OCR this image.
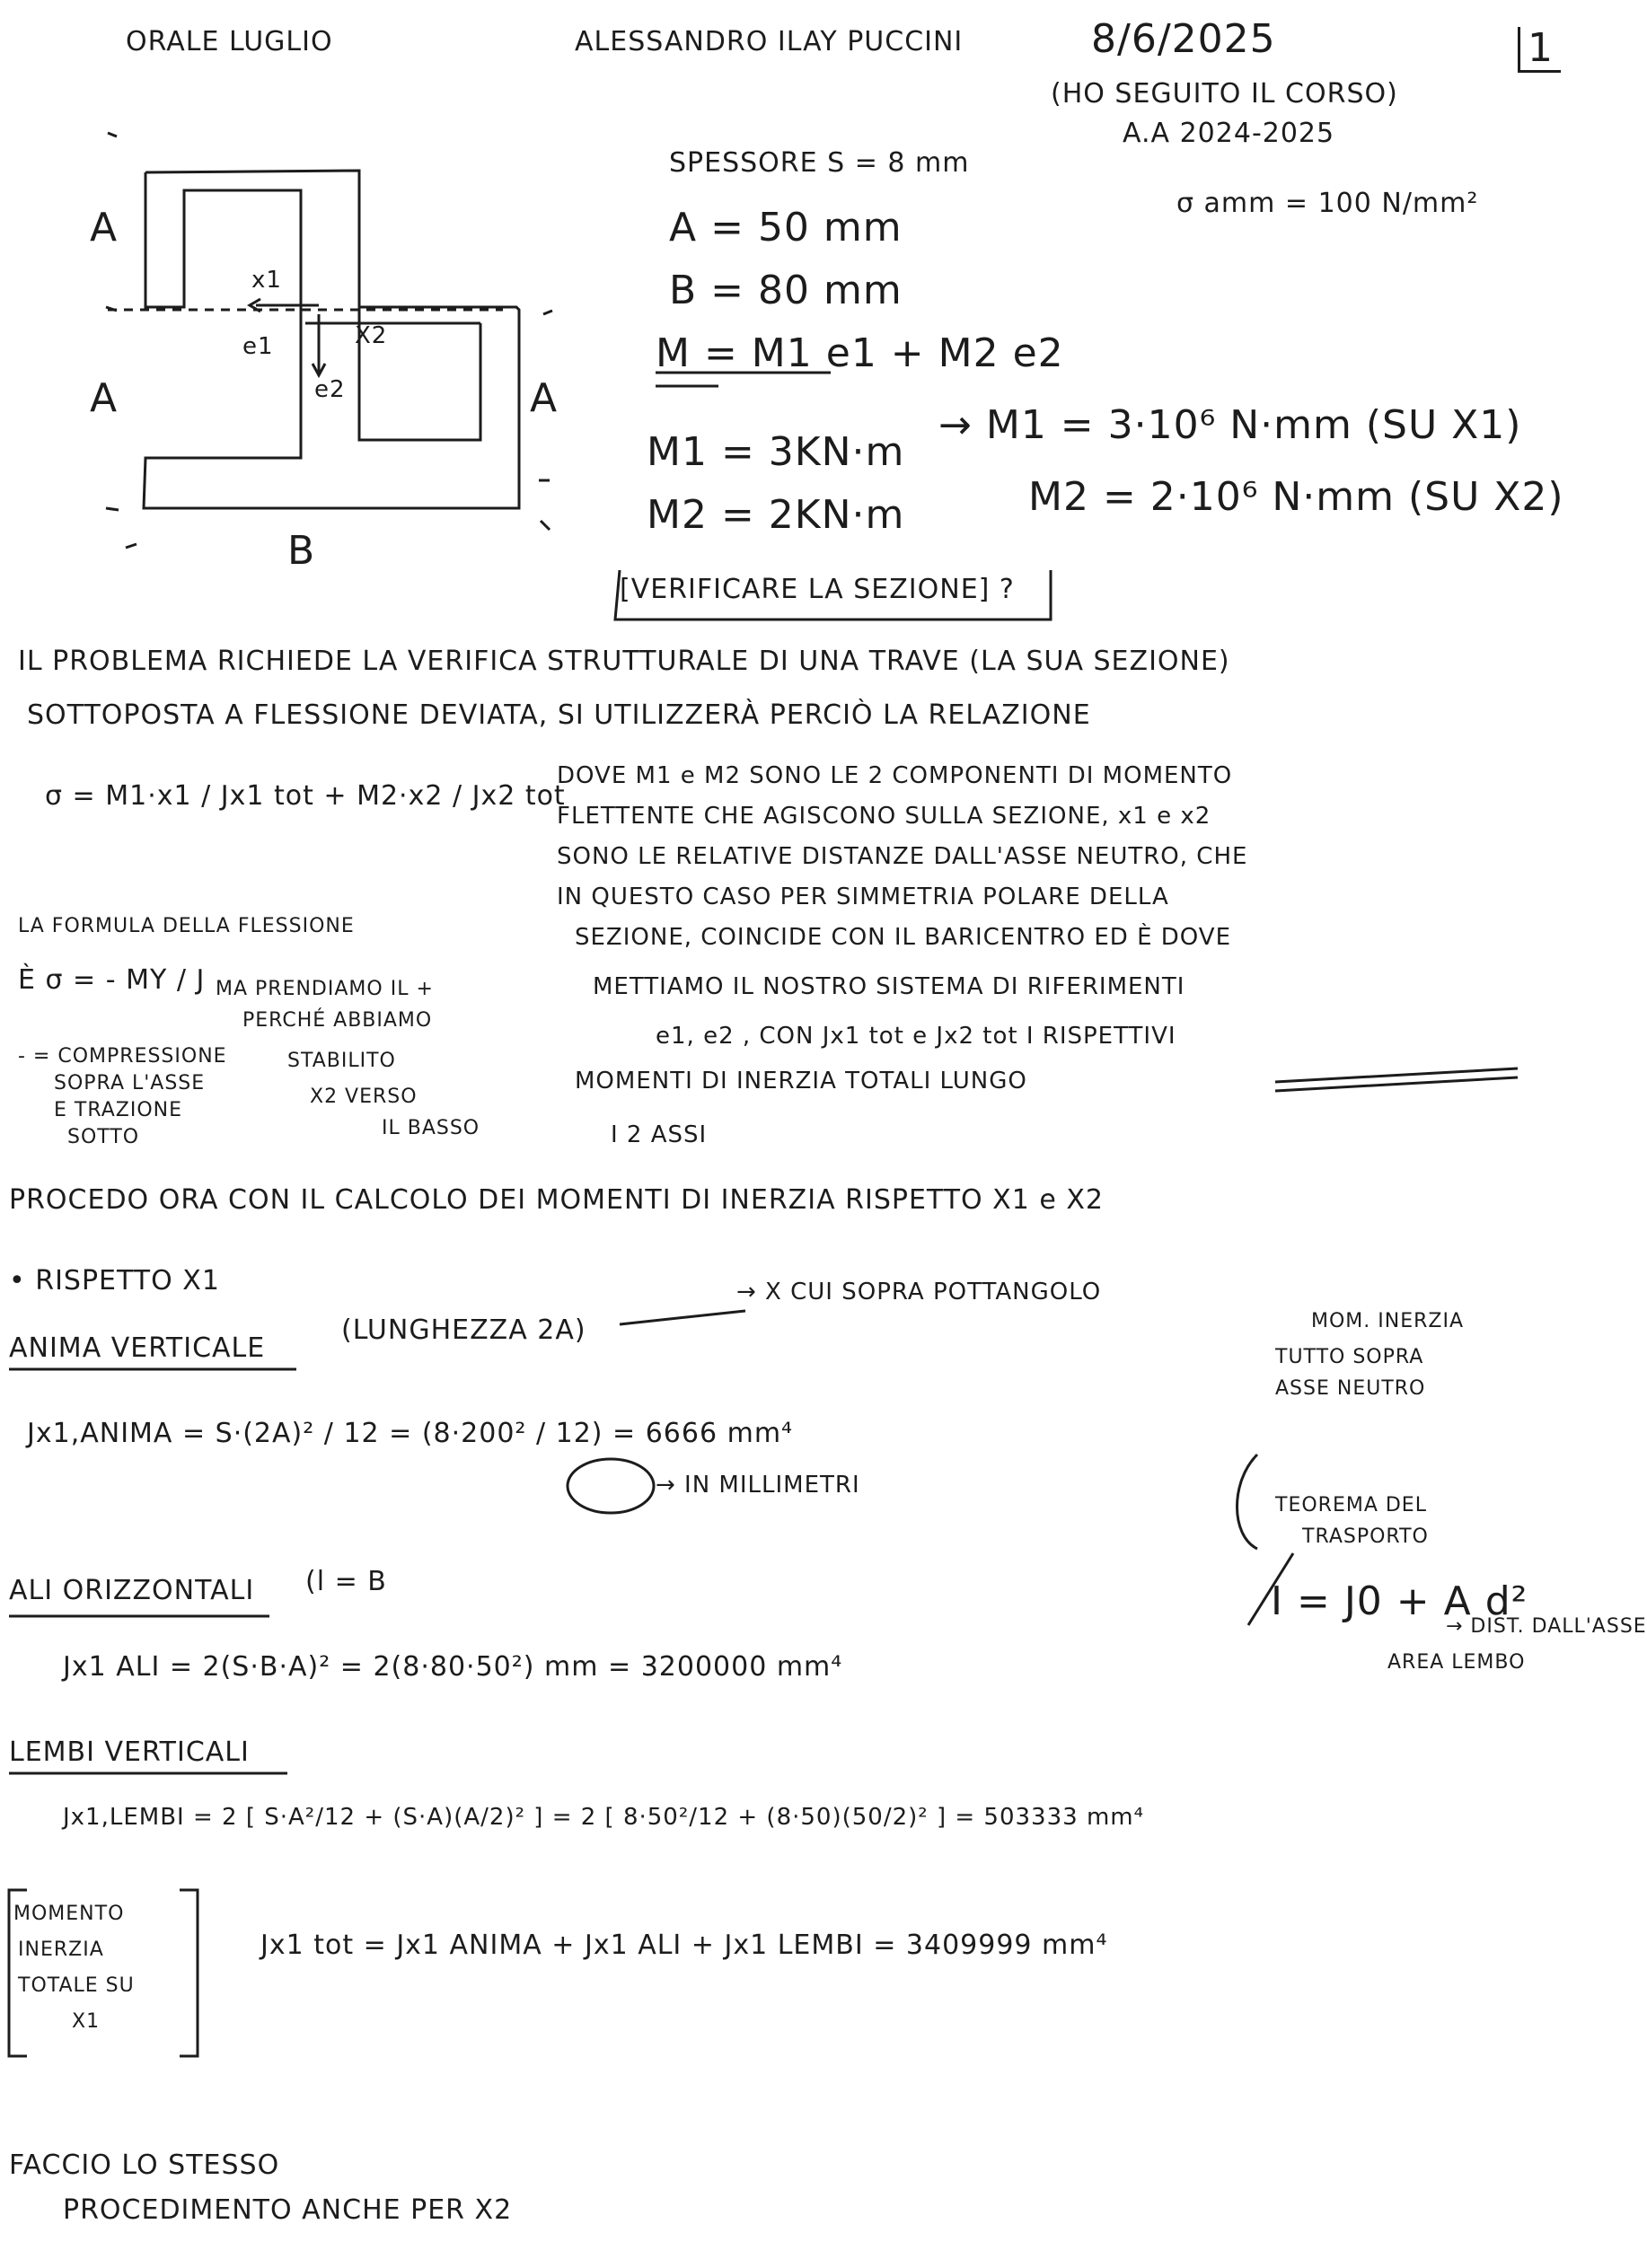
ORALE LUGLIO	ALESSANDRO ILAY PUCCINI	8/6/2025
(HO SEGUITO IL CORSO)
A.A 2024-2025
1
A
A	A
B
x1
X2
e1
e2
SPESSORE S = 8 mm
σ amm = 100 N/mm²
A = 50 mm
B = 80 mm
M = M1 e1 + M2 e2
M1 = 3KN·m
→ M1 = 3·10⁶ N·mm (SU X1)
M2 = 2KN·m	M2 = 2·10⁶ N·mm (SU X2)
[VERIFICARE LA SEZIONE] ?
IL PROBLEMA RICHIEDE LA VERIFICA STRUTTURALE DI UNA TRAVE (LA SUA SEZIONE)
SOTTOPOSTA A FLESSIONE DEVIATA, SI UTILIZZERÀ PERCIÒ LA RELAZIONE
σ = M1·x1 / Jx1 tot + M2·x2 / Jx2 tot
DOVE M1 e M2 SONO LE 2 COMPONENTI DI MOMENTO
FLETTENTE CHE AGISCONO SULLA SEZIONE, x1 e x2
SONO LE RELATIVE DISTANZE DALL'ASSE NEUTRO, CHE
IN QUESTO CASO PER SIMMETRIA POLARE DELLA
SEZIONE, COINCIDE CON IL BARICENTRO ED È DOVE
METTIAMO IL NOSTRO SISTEMA DI RIFERIMENTI
e1, e2 , CON Jx1 tot e Jx2 tot I RISPETTIVI
MOMENTI DI INERZIA TOTALI LUNGO
I 2 ASSI
LA FORMULA DELLA FLESSIONE
È σ = - MY / J MA PRENDIAMO IL +
PERCHÉ ABBIAMO
STABILITO
X2 VERSO
IL BASSO
- = COMPRESSIONE
SOPRA L'ASSE
E TRAZIONE
SOTTO
PROCEDO ORA CON IL CALCOLO DEI MOMENTI DI INERZIA RISPETTO X1 e X2
• RISPETTO X1
ANIMA VERTICALE
(LUNGHEZZA 2A)
→ X CUI SOPRA POTTANGOLO
Jx1,ANIMA = S·(2A)² / 12 = (8·200² / 12) = 6666 mm⁴
→ IN MILLIMETRI
MOM. INERZIA
TUTTO SOPRA
ASSE NEUTRO
TEOREMA DEL
TRASPORTO
ALI ORIZZONTALI (l = B
Jx1 ALI = 2(S·B·A)² = 2(8·80·50²) mm = 3200000 mm⁴
I = J0 + A d²
AREA LEMBO
→ DIST. DALL'ASSE
LEMBI VERTICALI
Jx1,LEMBI = 2 [ S·A²/12 + (S·A)(A/2)² ] = 2 [ 8·50²/12 + (8·50)(50/2)² ] = 503333 mm⁴
MOMENTO
INERZIA
TOTALE SU
X1
Jx1 tot = Jx1 ANIMA + Jx1 ALI + Jx1 LEMBI = 3409999 mm⁴
FACCIO LO STESSO
PROCEDIMENTO ANCHE PER X2
